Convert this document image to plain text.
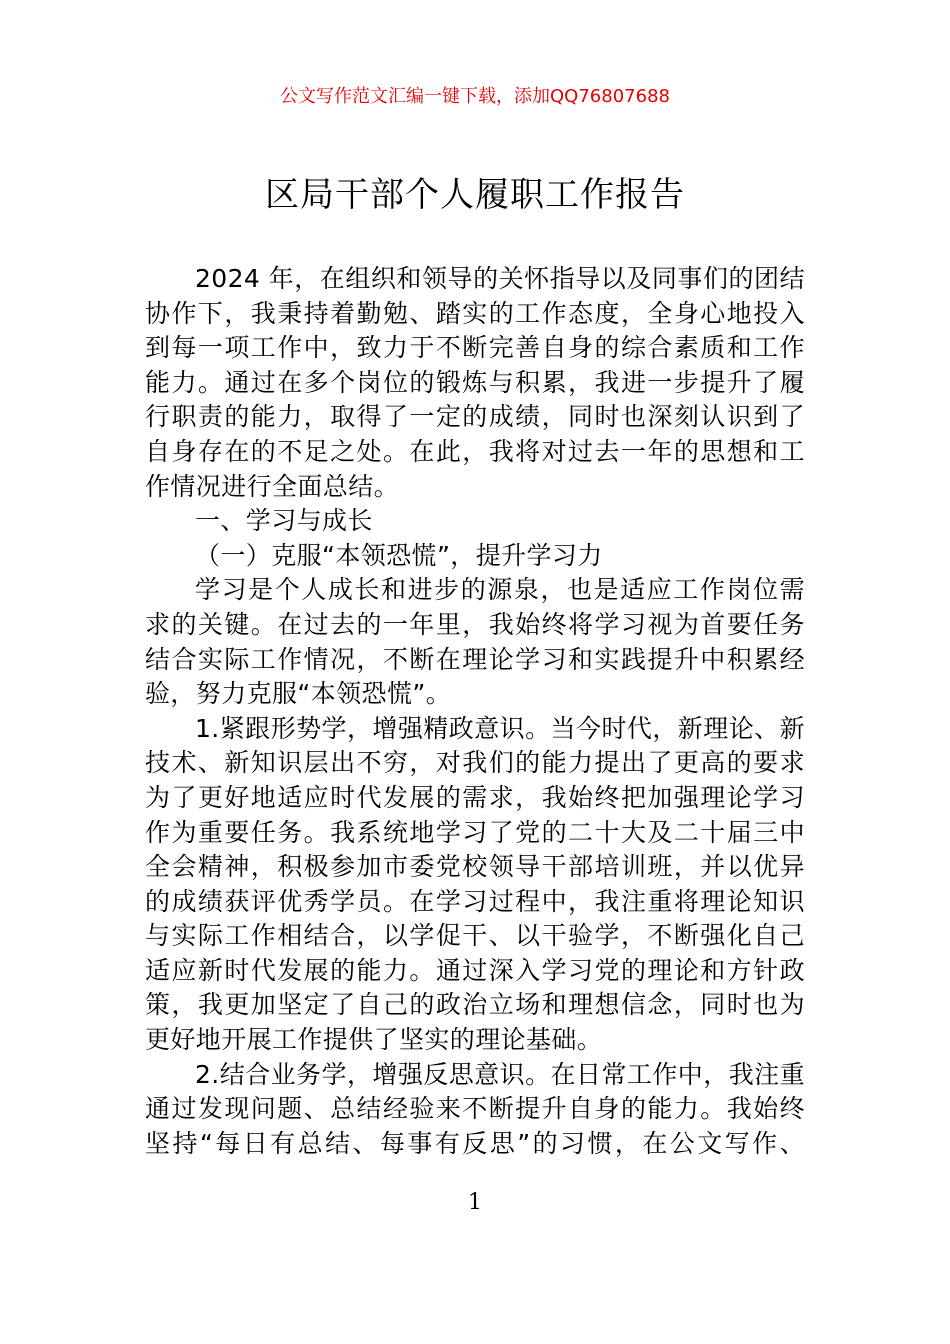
公文写作范文汇编一键下载，添加QQ76807688
区局干部个人履职工作报告
2024 年，在组织和领导的关怀指导以及同事们的团结
协作下，我秉持着勤勉、踏实的工作态度，全身心地投入
到每一项工作中，致力于不断完善自身的综合素质和工作
能力。通过在多个岗位的锻炼与积累，我进一步提升了履
行职责的能力，取得了一定的成绩，同时也深刻认识到了
自身存在的不足之处。在此，我将对过去一年的思想和工
作情况进行全面总结。
一、学习与成长
（一）克服“本领恐慌”，提升学习力
学习是个人成长和进步的源泉，也是适应工作岗位需
求的关键。在过去的一年里，我始终将学习视为首要任务
结合实际工作情况，不断在理论学习和实践提升中积累经
验，努力克服“本领恐慌”。
1.紧跟形势学，增强精政意识。当今时代，新理论、新
技术、新知识层出不穷，对我们的能力提出了更高的要求
为了更好地适应时代发展的需求，我始终把加强理论学习
作为重要任务。我系统地学习了党的二十大及二十届三中
全会精神，积极参加市委党校领导干部培训班，并以优异
的成绩获评优秀学员。在学习过程中，我注重将理论知识
与实际工作相结合，以学促干、以干验学，不断强化自己
适应新时代发展的能力。通过深入学习党的理论和方针政
策，我更加坚定了自己的政治立场和理想信念，同时也为
更好地开展工作提供了坚实的理论基础。
2.结合业务学，增强反思意识。在日常工作中，我注重
通过发现问题、总结经验来不断提升自身的能力。我始终
坚持“每日有总结、每事有反思”的习惯，在公文写作、
1
